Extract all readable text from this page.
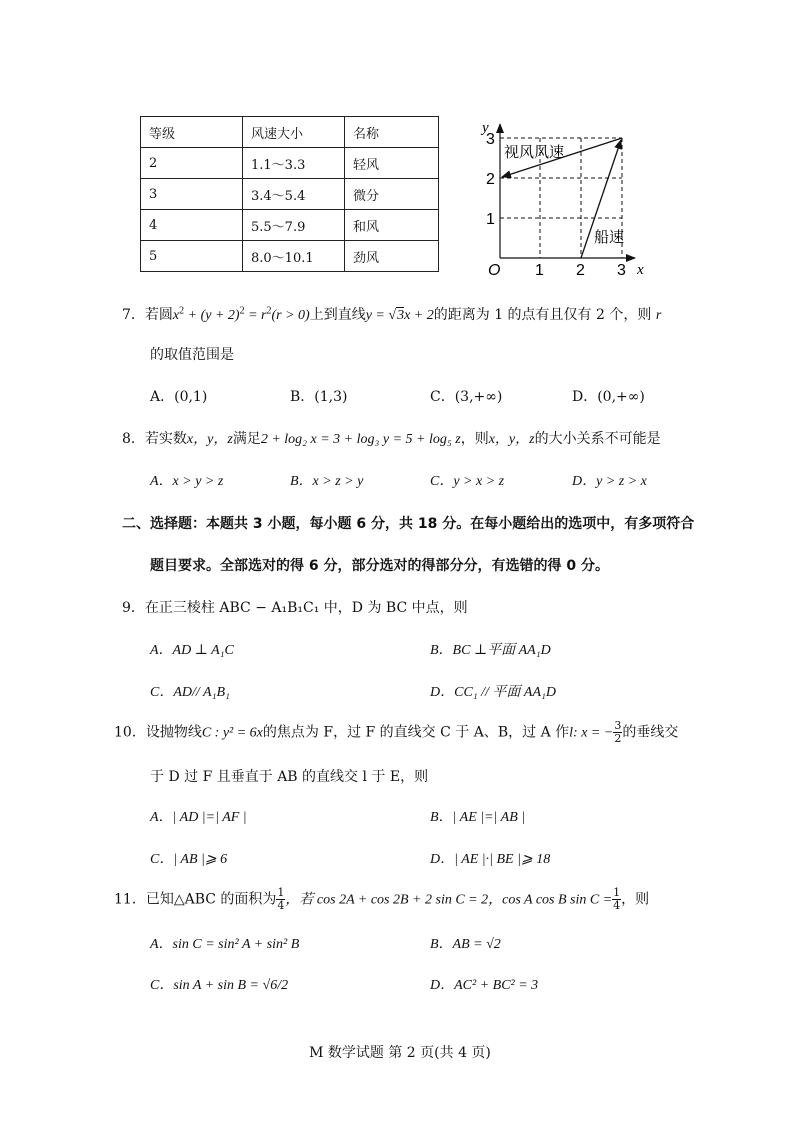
等级	风速大小	名称
2	1.1～3.3	轻风
3	3.4～5.4	微分
4	5.5～7.9	和风
5	8.0～10.1	劲风
y
x
O 1 2 3
1
2
3
视风风速
船速
7．若圆$x^2 + (y + 2)^2 = r^2(r > 0)$上到直线y = √3x + 2的距离为 1 的点有且仅有 2 个，则 r
的取值范围是
A．(0,1)	B．(1,3)	C．(3,+∞)	D．(0,+∞)
8．若实数x，y，z满足2 + log₂ x = 3 + log₃ y = 5 + log₅ z，则x，y，z的大小关系不可能是
A．x > y > z	B．x > z > y	C．y > x > z	D．y > z > x
二、选择题：本题共 3 小题，每小题 6 分，共 18 分。在每小题给出的选项中，有多项符合
题目要求。全部选对的得 6 分，部分选对的得部分分，有选错的得 0 分。
9．在正三棱柱 ABC − A₁B₁C₁ 中，D 为 BC 中点，则
A．AD ⊥ A₁C	B．BC ⊥平面 AA₁D
C．AD// A₁B₁	D．CC₁ // 平面 AA₁D
10．设抛物线C : y² = 6x的焦点为 F，过 F 的直线交 C 于 A、B，过 A 作l: x = − $\frac{3}{2}$ 的垂线交
于 D 过 F 且垂直于 AB 的直线交 l 于 E，则
A．| AD |=| AF |	B．| AE |=| AB |
C．| AB |⩾ 6	D．| AE |·| BE |⩾ 18
11．已知△ABC 的面积为 $\frac{1}{4}$ ，若 cos 2A + cos 2B + 2 sin C = 2，cos A cos B $\sin C = \frac{1}{4}$ ，则
A．sin C = sin² A + sin² B	B．AB = √2
C．sin A + sin B = √6/2	D．AC² + BC² = 3
M 数学试题 第 2 页(共 4 页)
